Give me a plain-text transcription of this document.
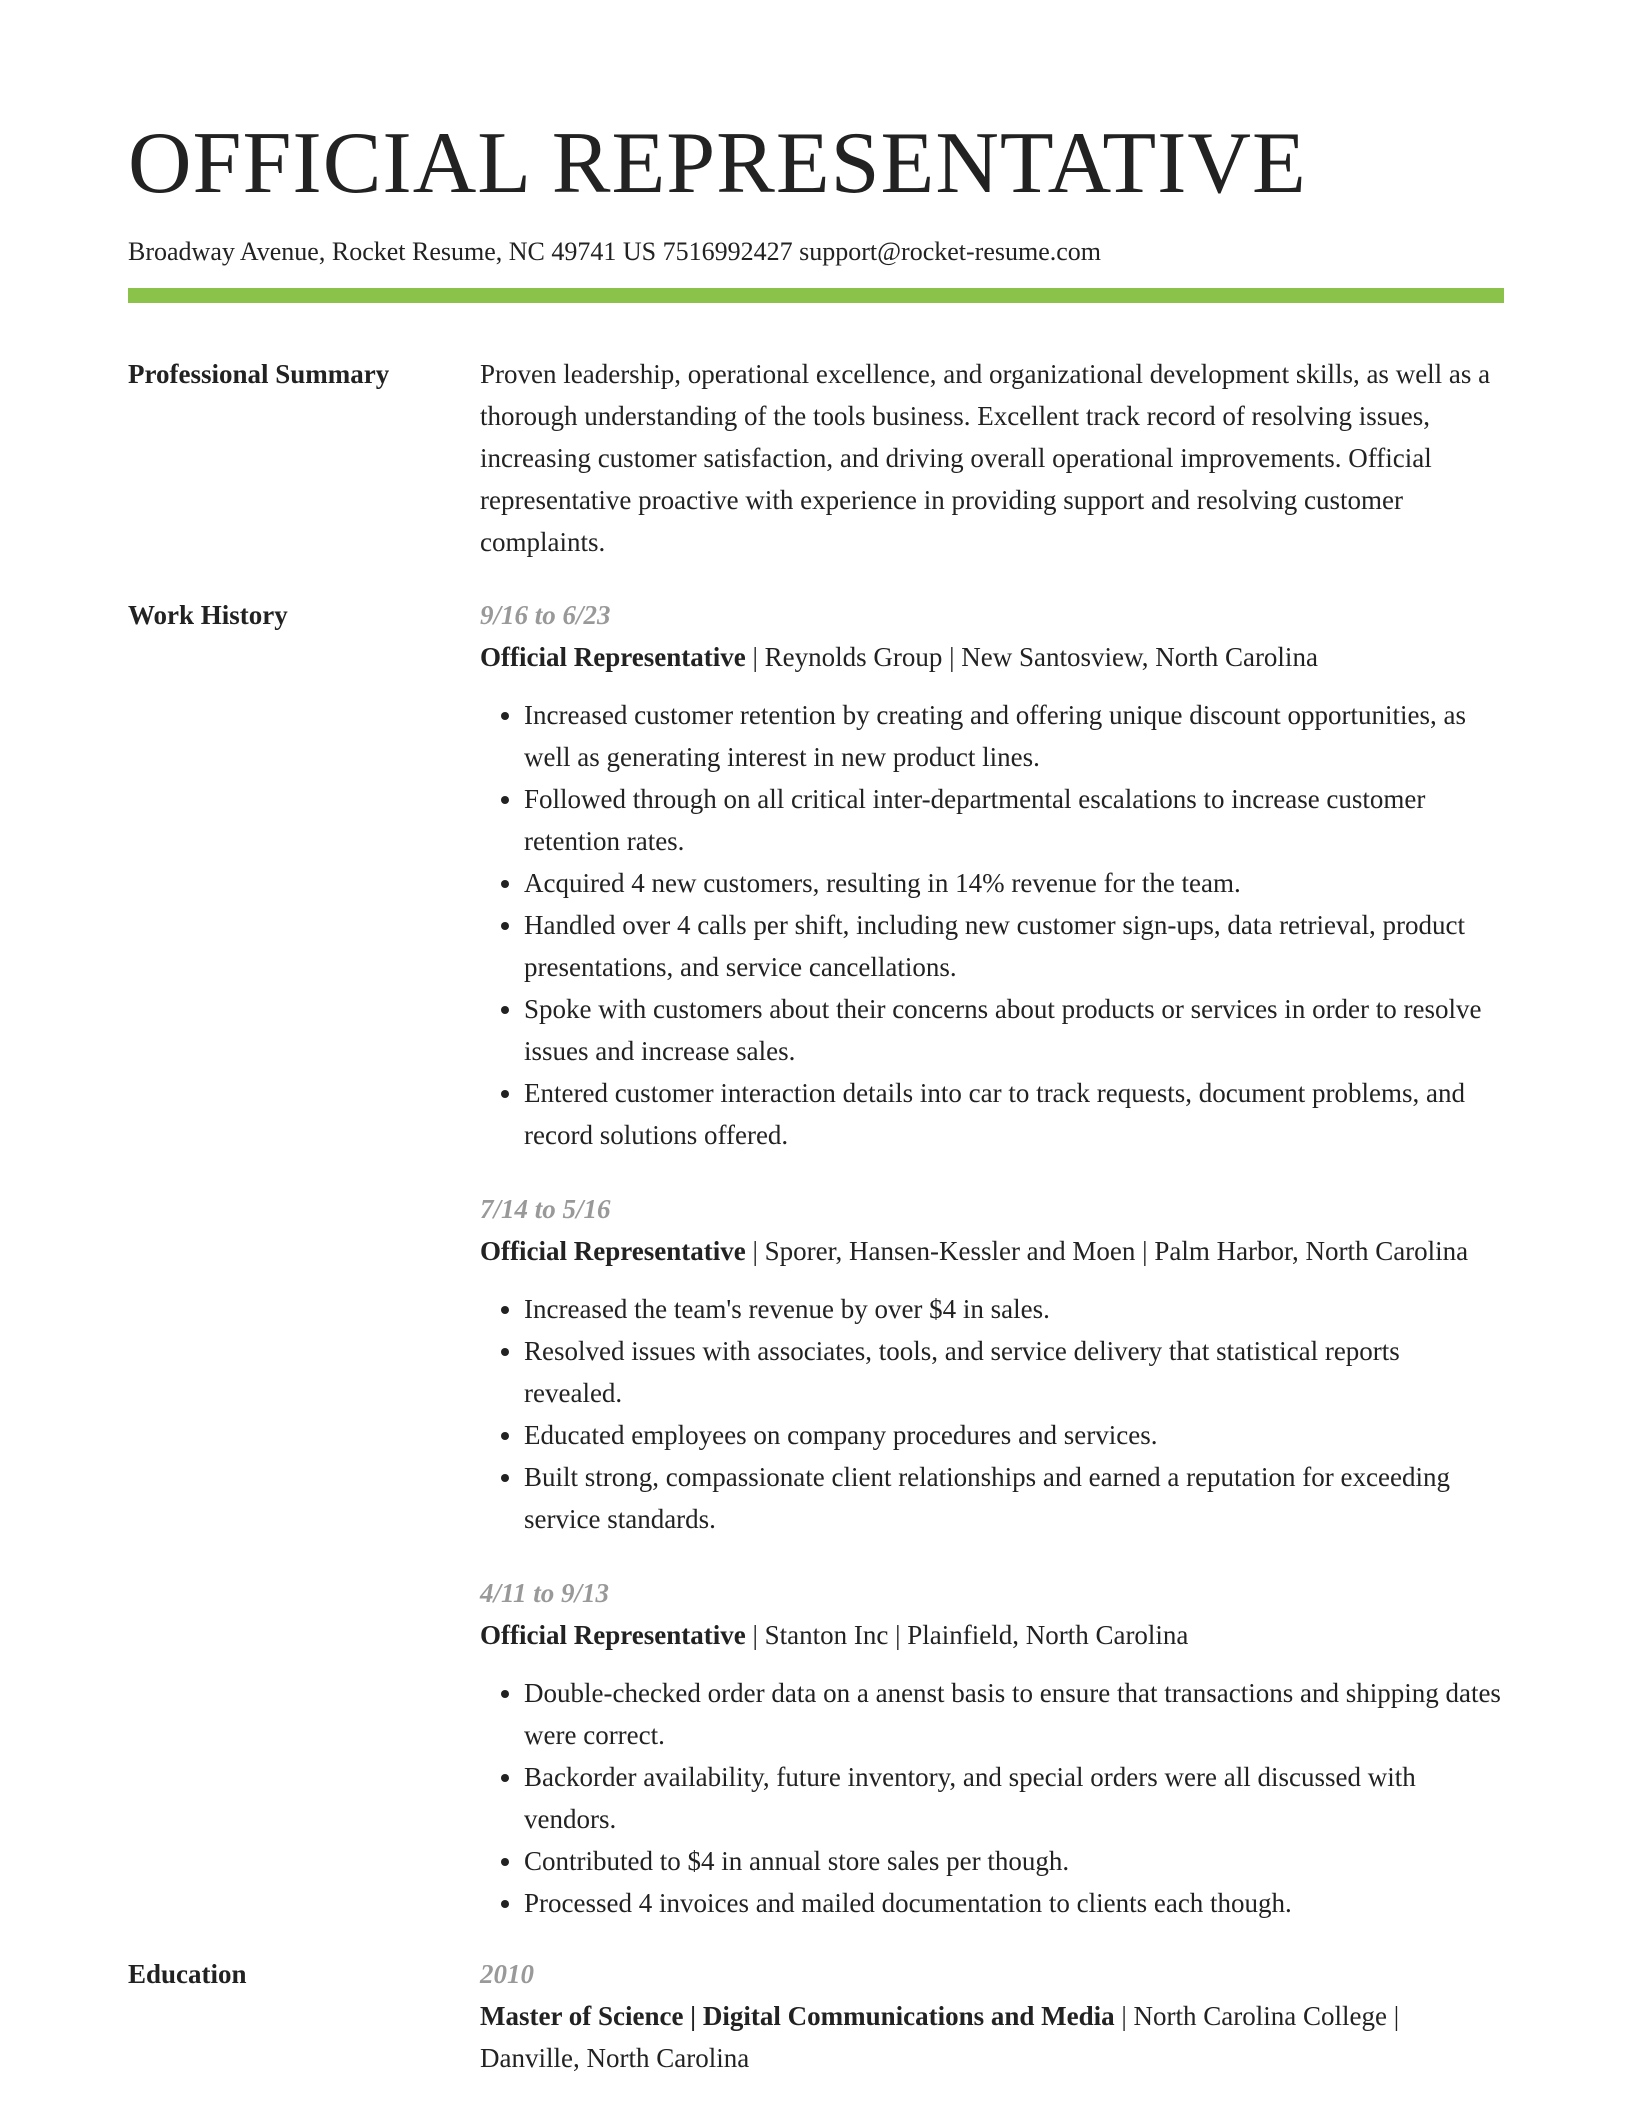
OFFICIAL REPRESENTATIVE
Broadway Avenue, Rocket Resume, NC 49741 US 7516992427 support@rocket-resume.com
Professional Summary	Proven leadership, operational excellence, and organizational development skills, as well as a thorough understanding of the tools business. Excellent track record of resolving issues, increasing customer satisfaction, and driving overall operational improvements. Official representative proactive with experience in providing support and resolving customer complaints.

Work History	9/16 to 6/23

Official Representative | Reynolds Group | New Santosview, North Carolina

• Increased customer retention by creating and offering unique discount opportunities, as well as generating interest in new product lines.
• Followed through on all critical inter-departmental escalations to increase customer retention rates.
• Acquired 4 new customers, resulting in 14% revenue for the team.
• Handled over 4 calls per shift, including new customer sign-ups, data retrieval, product presentations, and service cancellations.
• Spoke with customers about their concerns about products or services in order to resolve issues and increase sales.
• Entered customer interaction details into car to track requests, document problems, and record solutions offered.
7/14 to 5/16

Official Representative | Sporer, Hansen-Kessler and Moen | Palm Harbor, North Carolina

• Increased the team's revenue by over $4 in sales.
• Resolved issues with associates, tools, and service delivery that statistical reports revealed.
• Educated employees on company procedures and services.
• Built strong, compassionate client relationships and earned a reputation for exceeding service standards.
4/11 to 9/13

Official Representative | Stanton Inc | Plainfield, North Carolina

• Double-checked order data on a anenst basis to ensure that transactions and shipping dates were correct.
• Backorder availability, future inventory, and special orders were all discussed with vendors.
• Contributed to $4 in annual store sales per though.
• Processed 4 invoices and mailed documentation to clients each though.
Education	2010

Master of Science | Digital Communications and Media | North Carolina College | Danville, North Carolina
